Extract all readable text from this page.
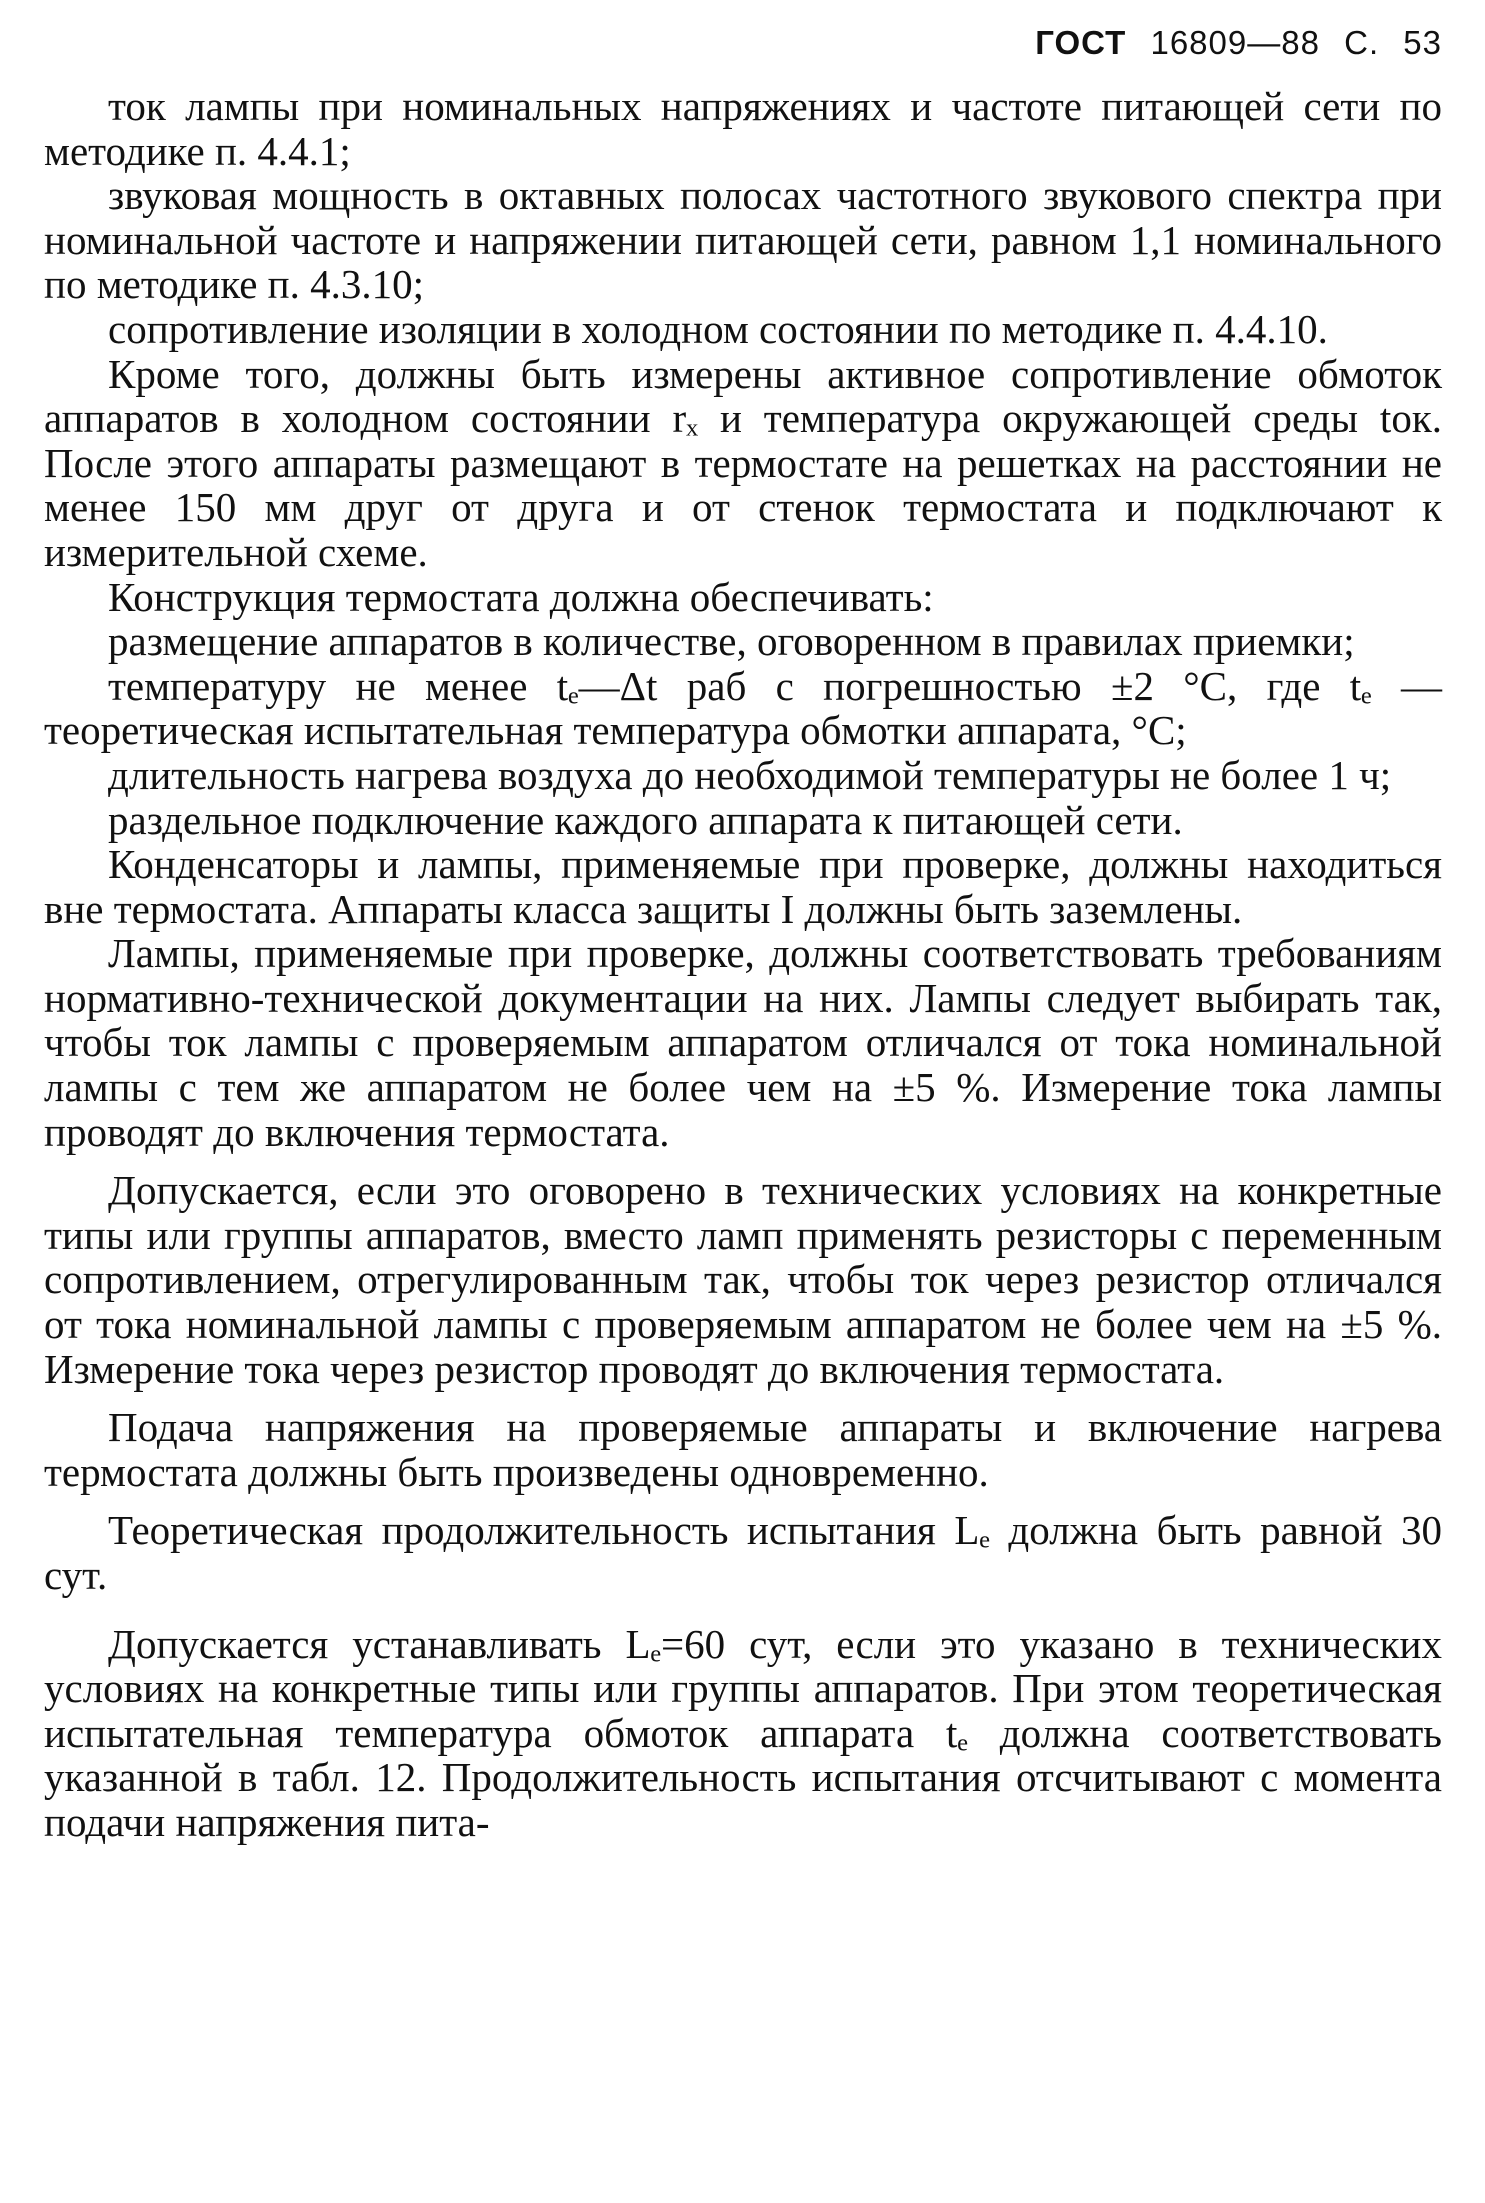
ГОСТ 16809—88 С. 53

ток лампы при номинальных напряжениях и частоте питающей сети по методике п. 4.4.1;

звуковая мощность в октавных полосах частотного звукового спектра при номинальной частоте и напряжении питающей сети, равном 1,1 номинального по методике п. 4.3.10;

сопротивление изоляции в холодном состоянии по методике п. 4.4.10.

Кроме того, должны быть измерены активное сопротивление обмоток аппаратов в холодном состоянии rₓ и температура окружающей среды tок. После этого аппараты размещают в термостате на решетках на расстоянии не менее 150 мм друг от друга и от стенок термостата и подключают к измерительной схеме.

Конструкция термостата должна обеспечивать:

размещение аппаратов в количестве, оговоренном в правилах приемки;

температуру не менее tₑ—Δt раб с погрешностью ±2 °C, где tₑ — теоретическая испытательная температура обмотки аппарата, °C;

длительность нагрева воздуха до необходимой температуры не более 1 ч;

раздельное подключение каждого аппарата к питающей сети.

Конденсаторы и лампы, применяемые при проверке, должны находиться вне термостата. Аппараты класса защиты I должны быть заземлены.

Лампы, применяемые при проверке, должны соответствовать требованиям нормативно-технической документации на них. Лампы следует выбирать так, чтобы ток лампы с проверяемым аппаратом отличался от тока номинальной лампы с тем же аппаратом не более чем на ±5 %. Измерение тока лампы проводят до включения термостата.

Допускается, если это оговорено в технических условиях на конкретные типы или группы аппаратов, вместо ламп применять резисторы с переменным сопротивлением, отрегулированным так, чтобы ток через резистор отличался от тока номинальной лампы с проверяемым аппаратом не более чем на ±5 %. Измерение тока через резистор проводят до включения термостата.

Подача напряжения на проверяемые аппараты и включение нагрева термостата должны быть произведены одновременно.

Теоретическая продолжительность испытания Lₑ должна быть равной 30 сут.

Допускается устанавливать Lₑ=60 сут, если это указано в технических условиях на конкретные типы или группы аппаратов. При этом теоретическая испытательная температура обмоток аппарата tₑ должна соответствовать указанной в табл. 12. Продолжительность испытания отсчитывают с момента подачи напряжения пита-
